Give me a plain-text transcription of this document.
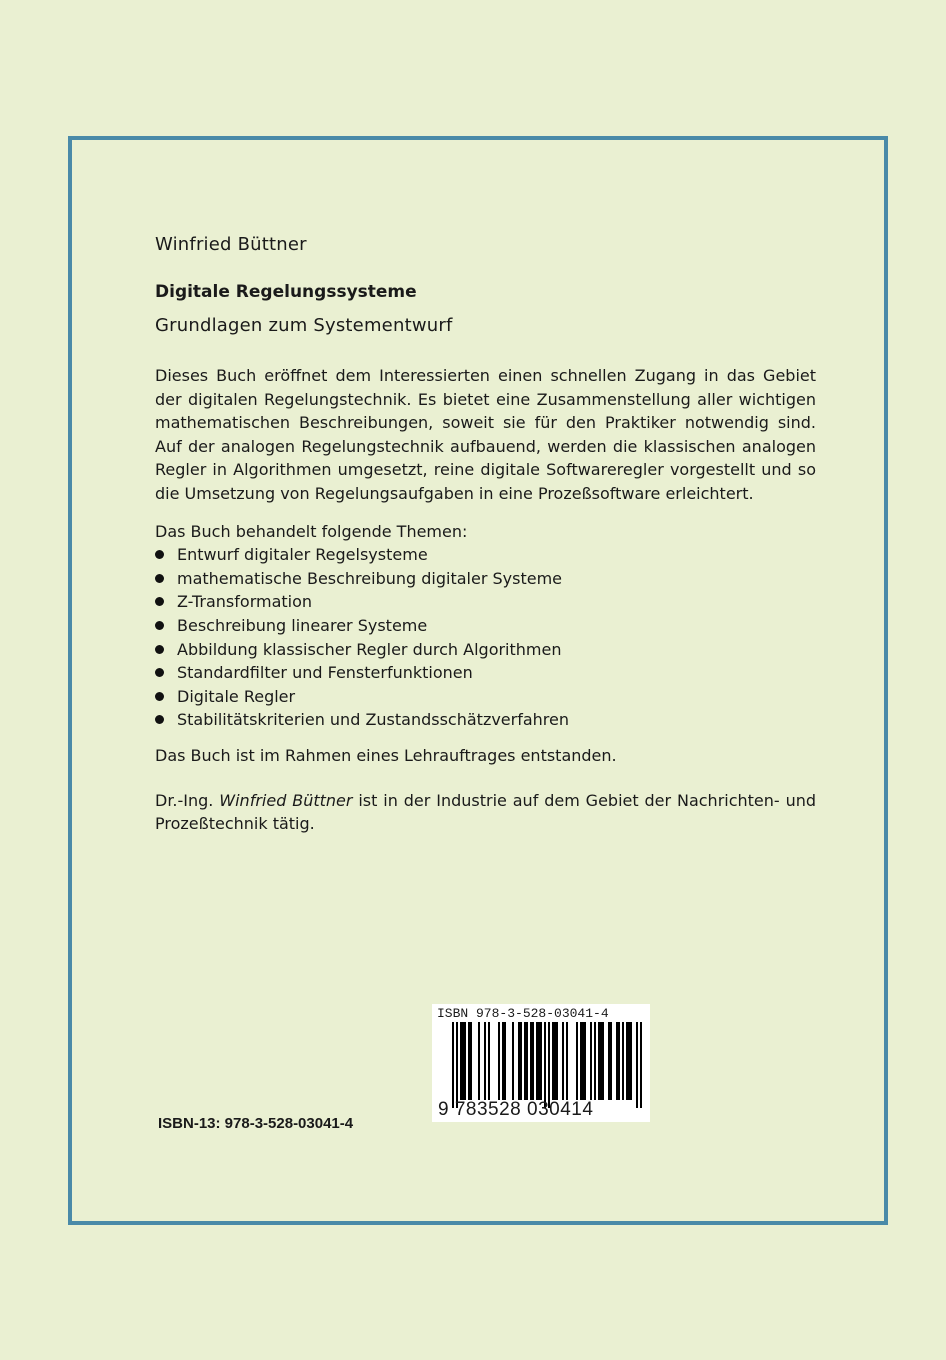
Winfried Büttner

Digitale Regelungssysteme

Grundlagen zum Systementwurf

Dieses Buch eröffnet dem Interessierten einen schnellen Zugang in das Gebiet der digitalen Regelungstechnik. Es bietet eine Zusammenstellung aller wichtigen mathematischen Beschreibungen, soweit sie für den Praktiker notwendig sind. Auf der analogen Regelungstechnik aufbauend, werden die klassischen analogen Regler in Algorithmen umgesetzt, reine digitale Softwareregler vorgestellt und so die Umsetzung von Regelungsaufgaben in eine Prozeßsoftware erleichtert.

Das Buch behandelt folgende Themen:

Entwurf digitaler Regelsysteme
mathematische Beschreibung digitaler Systeme
Z-Transformation
Beschreibung linearer Systeme
Abbildung klassischer Regler durch Algorithmen
Standardfilter und Fensterfunktionen
Digitale Regler
Stabilitätskriterien und Zustandsschätzverfahren

Das Buch ist im Rahmen eines Lehrauftrages entstanden.

Dr.-Ing. Winfried Büttner ist in der Industrie auf dem Gebiet der Nachrichten- und Prozeßtechnik tätig.

ISBN-13: 978-3-528-03041-4
ISBN 978-3-528-03041-4
9 783528 030414
